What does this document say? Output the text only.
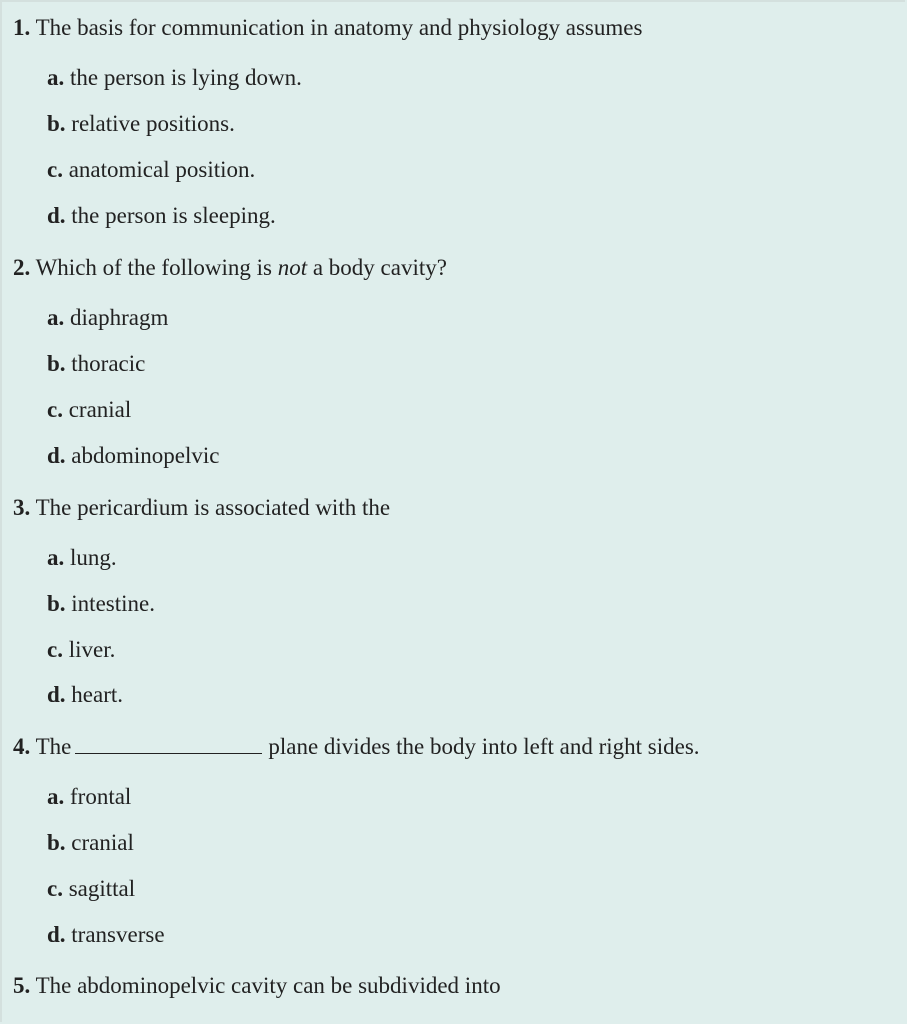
1. The basis for communication in anatomy and physiology assumes
a. the person is lying down.
b. relative positions.
c. anatomical position.
d. the person is sleeping.
2. Which of the following is not a body cavity?
a. diaphragm
b. thoracic
c. cranial
d. abdominopelvic
3. The pericardium is associated with the
a. lung.
b. intestine.
c. liver.
d. heart.
4. The	plane divides the body into left and right sides.
a. frontal
b. cranial
c. sagittal
d. transverse
5. The abdominopelvic cavity can be subdivided into
